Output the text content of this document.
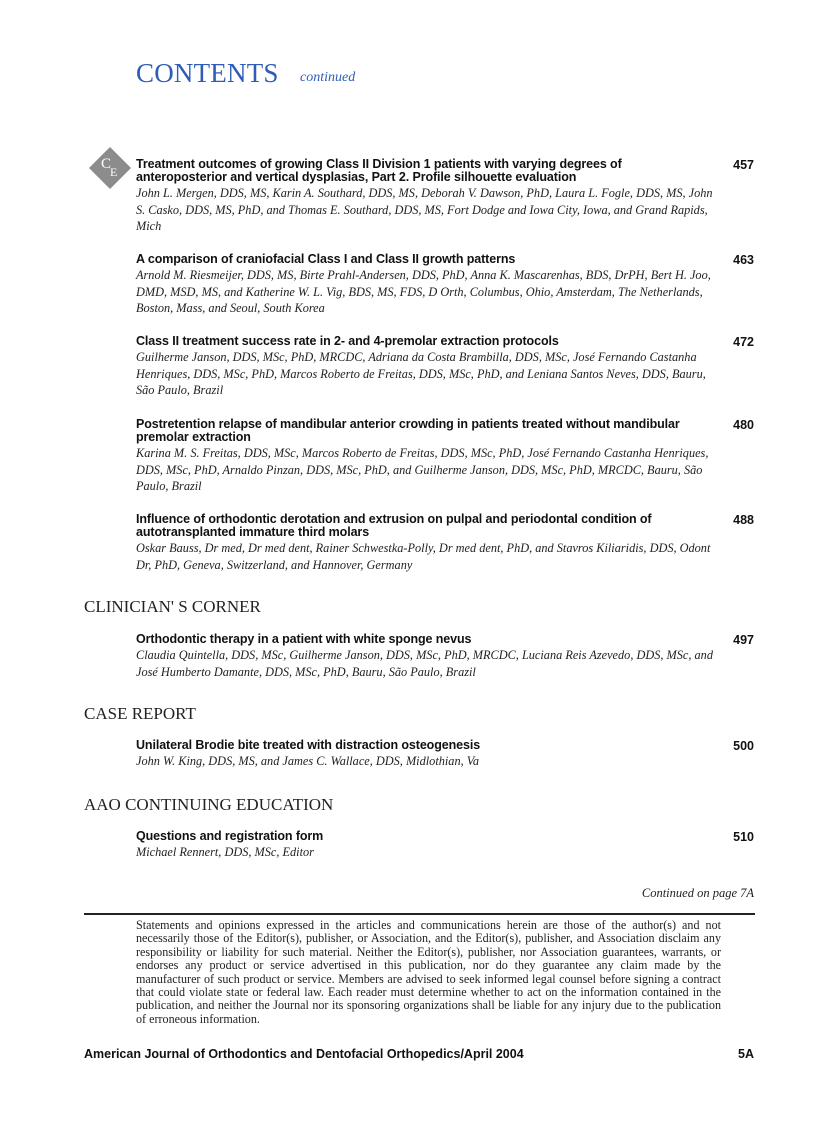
CONTENTS continued
C
E
Treatment outcomes of growing Class II Division 1 patients with varying degrees of anteroposterior and vertical dysplasias, Part 2. Profile silhouette evaluation
457
John L. Mergen, DDS, MS, Karin A. Southard, DDS, MS, Deborah V. Dawson, PhD, Laura L. Fogle, DDS, MS, John S. Casko, DDS, MS, PhD, and Thomas E. Southard, DDS, MS, Fort Dodge and Iowa City, Iowa, and Grand Rapids, Mich
A comparison of craniofacial Class I and Class II growth patterns	463
Arnold M. Riesmeijer, DDS, MS, Birte Prahl-Andersen, DDS, PhD, Anna K. Mascarenhas, BDS, DrPH, Bert H. Joo, DMD, MSD, MS, and Katherine W. L. Vig, BDS, MS, FDS, D Orth, Columbus, Ohio, Amsterdam, The Netherlands, Boston, Mass, and Seoul, South Korea
Class II treatment success rate in 2- and 4-premolar extraction protocols	472
Guilherme Janson, DDS, MSc, PhD, MRCDC, Adriana da Costa Brambilla, DDS, MSc, José Fernando Castanha Henriques, DDS, MSc, PhD, Marcos Roberto de Freitas, DDS, MSc, PhD, and Leniana Santos Neves, DDS, Bauru, São Paulo, Brazil
Postretention relapse of mandibular anterior crowding in patients treated without mandibular premolar extraction
480
Karina M. S. Freitas, DDS, MSc, Marcos Roberto de Freitas, DDS, MSc, PhD, José Fernando Castanha Henriques, DDS, MSc, PhD, Arnaldo Pinzan, DDS, MSc, PhD, and Guilherme Janson, DDS, MSc, PhD, MRCDC, Bauru, São Paulo, Brazil
Influence of orthodontic derotation and extrusion on pulpal and periodontal condition of autotransplanted immature third molars
488
Oskar Bauss, Dr med, Dr med dent, Rainer Schwestka-Polly, Dr med dent, PhD, and Stavros Kiliaridis, DDS, Odont Dr, PhD, Geneva, Switzerland, and Hannover, Germany
CLINICIAN' S CORNER
Orthodontic therapy in a patient with white sponge nevus	497
Claudia Quintella, DDS, MSc, Guilherme Janson, DDS, MSc, PhD, MRCDC, Luciana Reis Azevedo, DDS, MSc, and José Humberto Damante, DDS, MSc, PhD, Bauru, São Paulo, Brazil
CASE REPORT
Unilateral Brodie bite treated with distraction osteogenesis	500
John W. King, DDS, MS, and James C. Wallace, DDS, Midlothian, Va
AAO CONTINUING EDUCATION
Questions and registration form	510
Michael Rennert, DDS, MSc, Editor
Continued on page 7A
Statements and opinions expressed in the articles and communications herein are those of the author(s) and not necessarily those of the Editor(s), publisher, or Association, and the Editor(s), publisher, and Association disclaim any responsibility or liability for such material. Neither the Editor(s), publisher, nor Association guarantees, warrants, or endorses any product or service advertised in this publication, nor do they guarantee any claim made by the manufacturer of such product or service. Members are advised to seek informed legal counsel before signing a contract that could violate state or federal law. Each reader must determine whether to act on the information contained in the publication, and neither the Journal nor its sponsoring organizations shall be liable for any injury due to the publication of erroneous information.
American Journal of Orthodontics and Dentofacial Orthopedics/April 2004	5A
